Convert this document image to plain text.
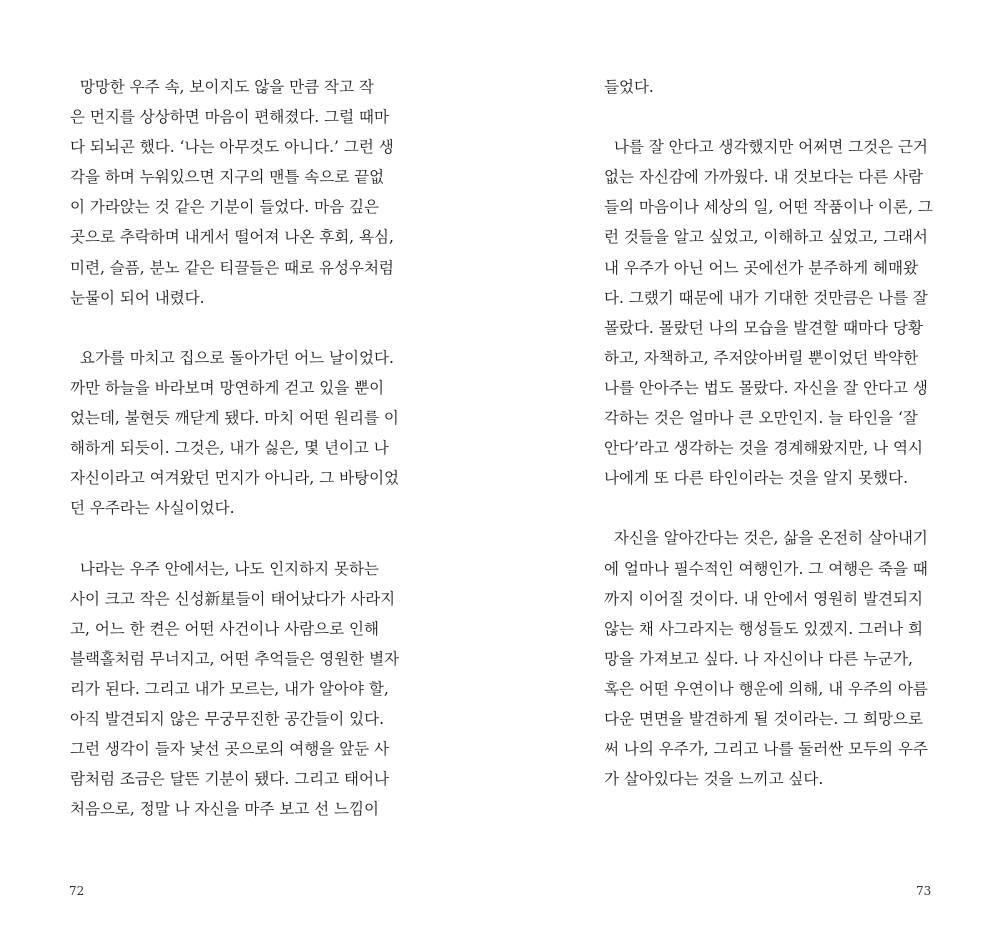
망망한 우주 속, 보이지도 않을 만큼 작고 작
은 먼지를 상상하면 마음이 편해졌다. 그럴 때마
다 되뇌곤 했다. ‘나는 아무것도 아니다.’ 그런 생
각을 하며 누워있으면 지구의 맨틀 속으로 끝없
이 가라앉는 것 같은 기분이 들었다. 마음 깊은
곳으로 추락하며 내게서 떨어져 나온 후회, 욕심,
미련, 슬픔, 분노 같은 티끌들은 때로 유성우처럼
눈물이 되어 내렸다.
요가를 마치고 집으로 돌아가던 어느 날이었다.
까만 하늘을 바라보며 망연하게 걷고 있을 뿐이
었는데, 불현듯 깨닫게 됐다. 마치 어떤 원리를 이
해하게 되듯이. 그것은, 내가 싫은, 몇 년이고 나
자신이라고 여겨왔던 먼지가 아니라, 그 바탕이었
던 우주라는 사실이었다.
나라는 우주 안에서는, 나도 인지하지 못하는
사이 크고 작은 신성新星들이 태어났다가 사라지
고, 어느 한 켠은 어떤 사건이나 사람으로 인해
블랙홀처럼 무너지고, 어떤 추억들은 영원한 별자
리가 된다. 그리고 내가 모르는, 내가 알아야 할,
아직 발견되지 않은 무궁무진한 공간들이 있다.
그런 생각이 들자 낯선 곳으로의 여행을 앞둔 사
람처럼 조금은 달뜬 기분이 됐다. 그리고 태어나
처음으로, 정말 나 자신을 마주 보고 선 느낌이
72
들었다.
나를 잘 안다고 생각했지만 어쩌면 그것은 근거
없는 자신감에 가까웠다. 내 것보다는 다른 사람
들의 마음이나 세상의 일, 어떤 작품이나 이론, 그
런 것들을 알고 싶었고, 이해하고 싶었고, 그래서
내 우주가 아닌 어느 곳에선가 분주하게 헤매왔
다. 그랬기 때문에 내가 기대한 것만큼은 나를 잘
몰랐다. 몰랐던 나의 모습을 발견할 때마다 당황
하고, 자책하고, 주저앉아버릴 뿐이었던 박약한
나를 안아주는 법도 몰랐다. 자신을 잘 안다고 생
각하는 것은 얼마나 큰 오만인지. 늘 타인을 ‘잘
안다’라고 생각하는 것을 경계해왔지만, 나 역시
나에게 또 다른 타인이라는 것을 알지 못했다.
자신을 알아간다는 것은, 삶을 온전히 살아내기
에 얼마나 필수적인 여행인가. 그 여행은 죽을 때
까지 이어질 것이다. 내 안에서 영원히 발견되지
않는 채 사그라지는 행성들도 있겠지. 그러나 희
망을 가져보고 싶다. 나 자신이나 다른 누군가,
혹은 어떤 우연이나 행운에 의해, 내 우주의 아름
다운 면면을 발견하게 될 것이라는. 그 희망으로
써 나의 우주가, 그리고 나를 둘러싼 모두의 우주
가 살아있다는 것을 느끼고 싶다.
73
